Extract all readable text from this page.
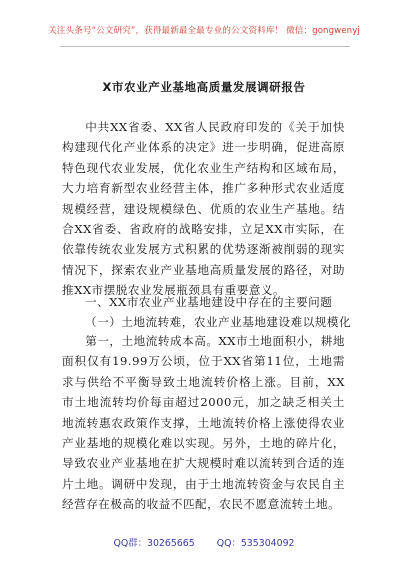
关注头条号“公文研究”，获得最新最全最专业的公文资料库！ 微信：gongwenyj
X市农业产业基地高质量发展调研报告

中共XX省委、XX省人民政府印发的《关于加快构建现代化产业体系的决定》进一步明确，促进高原特色现代农业发展，优化农业生产结构和区域布局，大力培育新型农业经营主体，推广多种形式农业适度规模经营，建设规模绿色、优质的农业生产基地。结合XX省委、省政府的战略安排，立足XX市实际，在依靠传统农业发展方式积累的优势逐渐被削弱的现实情况下，探索农业产业基地高质量发展的路径，对助推XX市摆脱农业发展瓶颈具有重要意义。

一、XX市农业产业基地建设中存在的主要问题
（一）土地流转难，农业产业基地建设难以规模化

第一，土地流转成本高。XX市土地面积小，耕地面积仅有19.99万公顷，位于XX省第11位，土地需求与供给不平衡导致土地流转价格上涨。目前，XX市土地流转均价每亩超过2000元，加之缺乏相关土地流转惠农政策作支撑，土地流转价格上涨使得农业产业基地的规模化难以实现。另外，土地的碎片化，导致农业产业基地在扩大规模时难以流转到合适的连片土地。调研中发现，由于土地流转资金与农民自主经营存在极高的收益不匹配，农民不愿意流转土地。

QQ群：30265665 QQ：535304092
